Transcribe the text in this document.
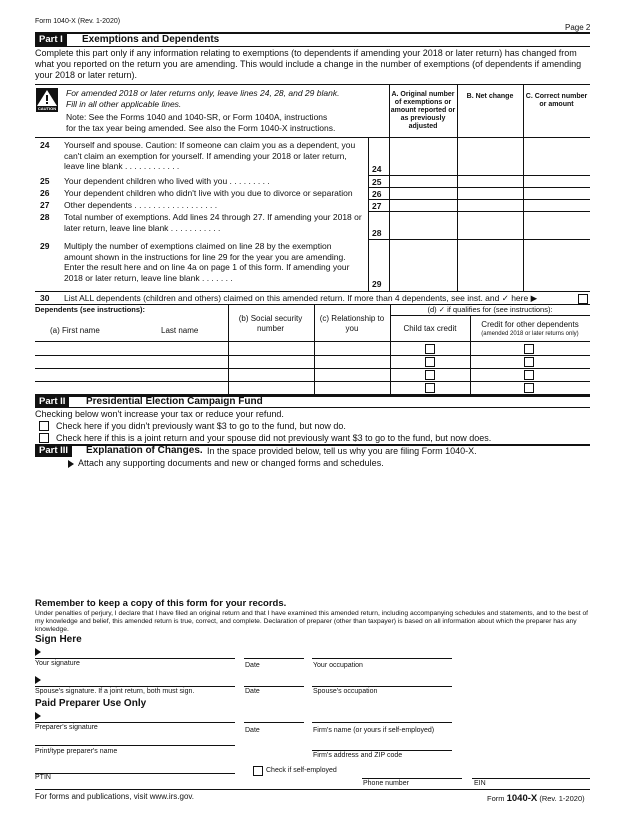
Form 1040-X (Rev. 1-2020)
Page 2
Part I	Exemptions and Dependents
Complete this part only if any information relating to exemptions (to dependents if amending your 2018 or later return) has changed from what you reported on the return you are amending. This would include a change in the number of exemptions (of dependents if amending your 2018 or later return).
CAUTION
For amended 2018 or later returns only, leave lines 24, 28, and 29 blank.
Fill in all other applicable lines.
Note: See the Forms 1040 and 1040-SR, or Form 1040A, instructions
for the tax year being amended. See also the Form 1040-X instructions.
A. Original number of exemptions or amount reported or as previously adjusted
B. Net change	C. Correct number or amount
24 Yourself and spouse. Caution: If someone can claim you as a dependent, you can't claim an exemption for yourself. If amending your 2018 or later return, leave line blank . . . . . . . . . . . .	24
25 Your dependent children who lived with you . . . . . . . . .	25
26 Your dependent children who didn't live with you due to divorce or separation	26
27 Other dependents . . . . . . . . . . . . . . . . . .	27
28 Total number of exemptions. Add lines 24 through 27. If amending your 2018 or later return, leave line blank . . . . . . . . . . .
28
29 Multiply the number of exemptions claimed on line 28 by the exemption amount shown in the instructions for line 29 for the year you are amending. Enter the result here and on line 4a on page 1 of this form. If amending your 2018 or later return, leave line blank . . . . . . .
29
30 List ALL dependents (children and others) claimed on this amended return. If more than 4 dependents, see inst. and ✓ here ▶
Dependents (see instructions):	(d) ✓ if qualifies for (see instructions):
(a) First name	Last name
(b) Social security number
(c) Relationship to you	Child tax credit	Credit for other dependents
(amended 2018 or later returns only)
Part II	Presidential Election Campaign Fund
Checking below won't increase your tax or reduce your refund.
Check here if you didn't previously want $3 to go to the fund, but now do.
Check here if this is a joint return and your spouse did not previously want $3 to go to the fund, but now does.
Part III	Explanation of Changes. In the space provided below, tell us why you are filing Form 1040-X.
Attach any supporting documents and new or changed forms and schedules.
Remember to keep a copy of this form for your records.
Under penalties of perjury, I declare that I have filed an original return and that I have examined this amended return, including accompanying schedules and statements, and to the best of my knowledge and belief, this amended return is true, correct, and complete. Declaration of preparer (other than taxpayer) is based on all information about which the preparer has any knowledge.
Sign Here
Your signature	Date	Your occupation
Spouse's signature. If a joint return, both must sign.	Date	Spouse's occupation
Paid Preparer Use Only
Preparer's signature	Date	Firm's name (or yours if self-employed)
Print/type preparer's name
Firm's address and ZIP code
Check if self-employed
PTIN
Phone number	EIN
For forms and publications, visit www.irs.gov.	Form 1040-X (Rev. 1-2020)
